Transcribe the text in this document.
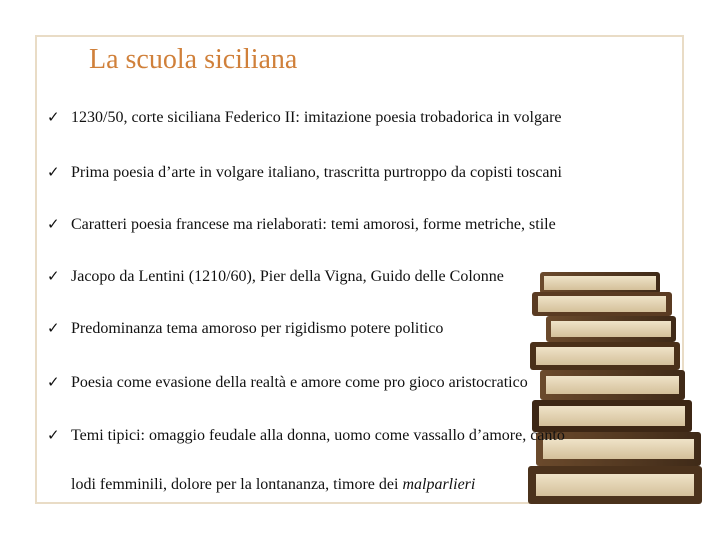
La scuola siciliana
✓ 1230/50, corte siciliana Federico II: imitazione poesia trobadorica in volgare
✓ Prima poesia d’arte in volgare italiano, trascritta purtroppo da copisti toscani
✓ Caratteri poesia francese ma rielaborati: temi amorosi, forme metriche, stile
✓ Jacopo da Lentini (1210/60), Pier della Vigna, Guido delle Colonne
✓ Predominanza tema amoroso per rigidismo potere politico
✓ Poesia come evasione della realtà e amore come pro gioco aristocratico
✓ Temi tipici: omaggio feudale alla donna, uomo come vassallo d’amore, canto
lodi femminili, dolore per la lontananza, timore dei malparlieri
